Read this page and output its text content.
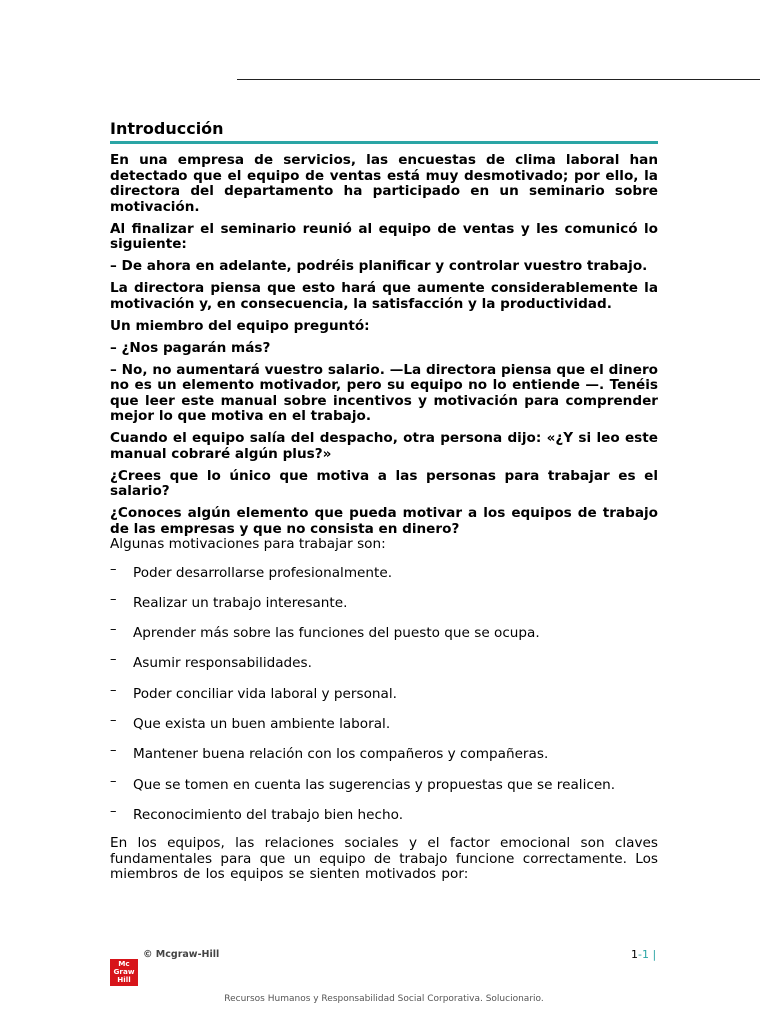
Introducción

En una empresa de servicios, las encuestas de clima laboral han detectado que el equipo de ventas está muy desmotivado; por ello, la directora del departamento ha participado en un seminario sobre motivación.

Al finalizar el seminario reunió al equipo de ventas y les comunicó lo siguiente:

– De ahora en adelante, podréis planificar y controlar vuestro trabajo.

La directora piensa que esto hará que aumente considerablemente la motivación y, en consecuencia, la satisfacción y la productividad.

Un miembro del equipo preguntó:

– ¿Nos pagarán más?

– No, no aumentará vuestro salario. —La directora piensa que el dinero no es un elemento motivador, pero su equipo no lo entiende —. Tenéis que leer este manual sobre incentivos y motivación para comprender mejor lo que motiva en el trabajo.

Cuando el equipo salía del despacho, otra persona dijo: «¿Y si leo este manual cobraré algún plus?»

¿Crees que lo único que motiva a las personas para trabajar es el salario?

¿Conoces algún elemento que pueda motivar a los equipos de trabajo de las empresas y que no consista en dinero?

Algunas motivaciones para trabajar son:

– Poder desarrollarse profesionalmente.
– Realizar un trabajo interesante.
– Aprender más sobre las funciones del puesto que se ocupa.
– Asumir responsabilidades.
– Poder conciliar vida laboral y personal.
– Que exista un buen ambiente laboral.
– Mantener buena relación con los compañeros y compañeras.
– Que se tomen en cuenta las sugerencias y propuestas que se realicen.
– Reconocimiento del trabajo bien hecho.

En los equipos, las relaciones sociales y el factor emocional son claves fundamentales para que un equipo de trabajo funcione correctamente. Los miembros de los equipos se sienten motivados por:

© Mcgraw-Hill	1-1 |
Mc
Graw
Hill
Recursos Humanos y Responsabilidad Social Corporativa. Solucionario.
